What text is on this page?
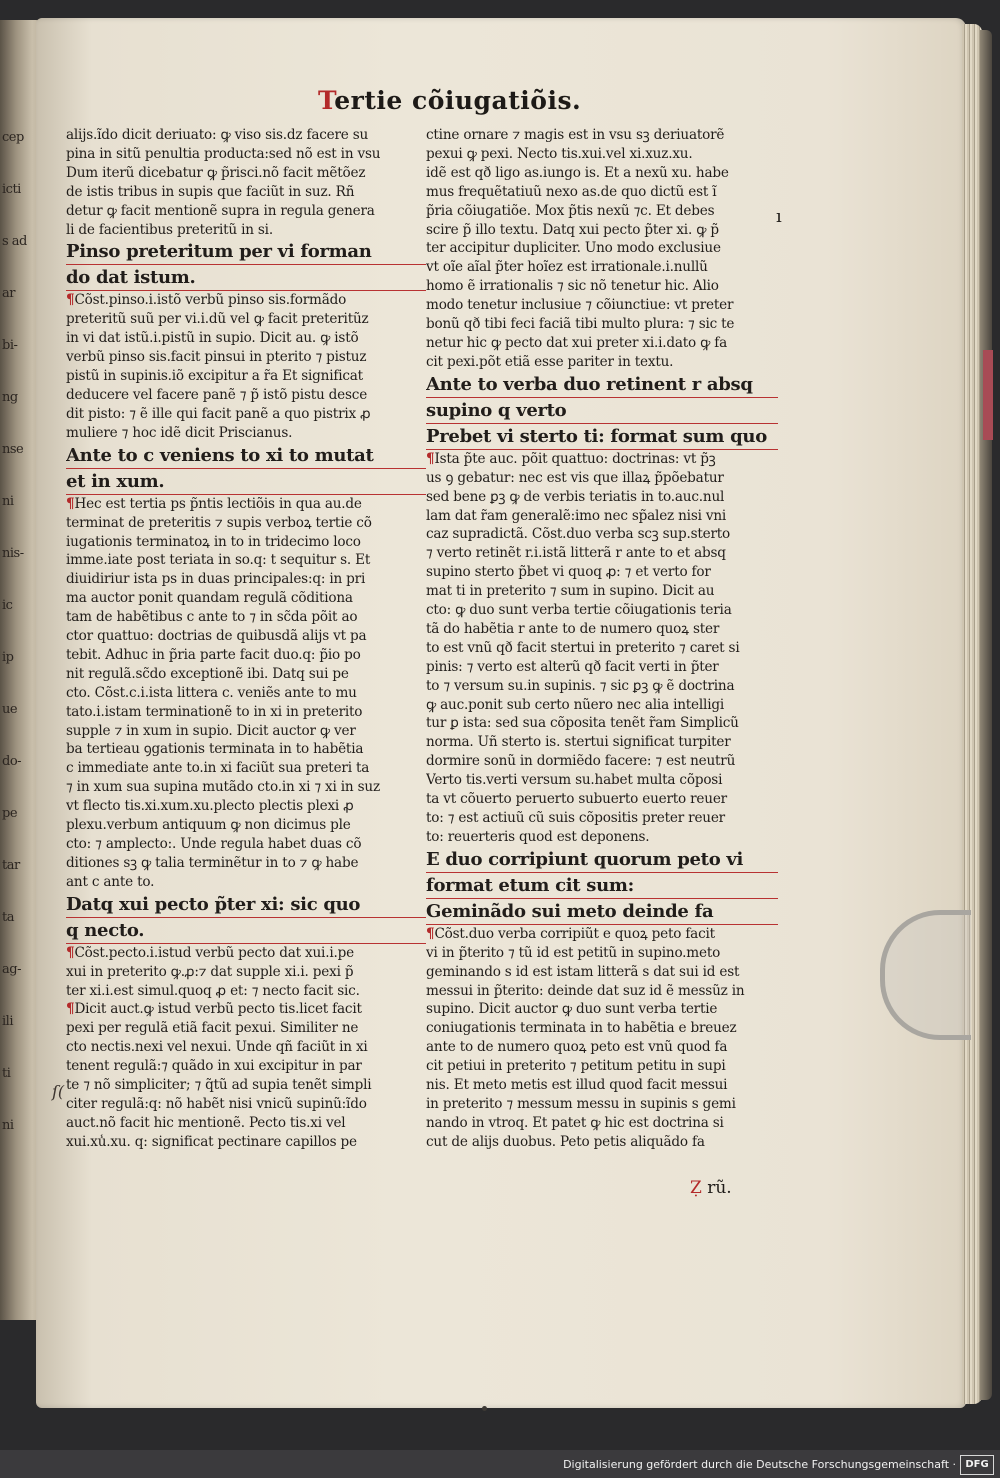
cep
icti
s ad
ar
bi-
ng
nse
ni
nis-
ic
ip
ue
do-
pe
tar
ta
ag-
ili
ti
ni
Tertie cõiugatiõis.
alijs.ĩdo dicit deriuato: ꝙ viso sis.dz facere su
pina in sitũ penultia producta:sed nõ est in vsu
Dum iterũ dicebatur ꝙ p̃risci.nõ facit mẽtõez
de istis tribus in supis que faciũt in suz. Rñ
detur ꝙ facit mentionẽ supra in regula genera
li de facientibus preteritũ in si.
Pinso preteritum per vi forman
do dat istum.
¶Cõst.pinso.i.istõ verbũ pinso sis.formãdo
preteritũ suũ per vi.i.dũ vel ꝙ facit preteritũz
in vi dat istũ.i.pistũ in supio. Dicit au. ꝙ istõ
verbũ pinso sis.facit pinsui in pterito ⁊ pistuz
pistũ in supinis.iõ excipitur a r̃a Et significat
deducere vel facere panẽ ⁊ p̃ istõ pistu desce
dit pisto: ⁊ ẽ ille qui facit panẽ a quo pistrix ꝓ
muliere ⁊ hoc idẽ dicit Priscianus.
Ante to c veniens to xi to mutat
et in xum.
¶Hec est tertia ps p̃ntis lectiõis in qua au.de
terminat de preteritis ⁊ supis verboꝝ tertie cõ
iugationis terminatoꝝ in to in tridecimo loco
imme.iate post teriata in so.q: t sequitur s. Et
diuidiriur ista ps in duas principales:q: in pri
ma auctor ponit quandam regulã cõditiona
tam de habẽtibus c ante to ⁊ in sc̃da põit ao
ctor quattuo: doctrias de quibusdã alijs vt pa
tebit. Adhuc in p̃ria parte facit duo.q: p̃io po
nit regulã.sc̃do exceptionẽ ibi. Datq sui pe
cto. Cõst.c.i.ista littera c. veniẽs ante to mu
tato.i.istam terminationẽ to in xi in preterito
supple ⁊ in xum in supio. Dicit auctor ꝙ ver
ba tertieau ꝯgationis terminata in to habẽtia
c immediate ante to.in xi faciũt sua preteri ta
⁊ in xum sua supina mutãdo cto.in xi ⁊ xi in suz
vt flecto tis.xi.xum.xu.plecto plectis plexi ꝓ
plexu.verbum antiquum ꝙ non dicimus ple
cto: ⁊ amplecto:. Unde regula habet duas cõ
ditiones sꝫ ꝙ talia terminẽtur in to ⁊ ꝙ habe
ant c ante to.
Datq xui pecto p̃ter xi: sic quo
q necto.
¶Cõst.pecto.i.istud verbũ pecto dat xui.i.pe
xui in preterito ꝙ.ꝓ:⁊ dat supple xi.i. pexi p̃
ter xi.i.est simul.quoq ꝓ et: ⁊ necto facit sic.
¶Dicit auct.ꝙ istud verbũ pecto tis.licet facit
pexi per regulã etiã facit pexui. Similiter ne
cto nectis.nexi vel nexui. Unde qñ faciũt in xi
tenent regulã:⁊ quãdo in xui excipitur in par
te ⁊ nõ simpliciter; ⁊ q̃tũ ad supia tenẽt simpli
citer regulã:q: nõ habẽt nisi vnicũ supinũ:ĩdo
auct.nõ facit hic mentionẽ. Pecto tis.xi vel
xui.xu̾.xu. q: significat pectinare capillos pe
ctine ornare ⁊ magis est in vsu sꝫ deriuatorẽ
pexui ꝙ pexi. Necto tis.xui.vel xi.xuz.xu.
idẽ est qð ligo as.iungo is. Et a nexũ xu. habe
mus frequẽtatiuũ nexo as.de quo dictũ est ĩ
p̃ria cõiugatiõe. Mox p̃tis nexũ ⁊c. Et debes
scire p̃ illo textu. Datq xui pecto p̃ter xi. ꝙ p̃
ter accipitur dupliciter. Uno modo exclusiue
vt oĩe aĩal p̃ter hoĩez est irrationale.i.nullũ
homo ẽ irrationalis ⁊ sic nõ tenetur hic. Alio
modo tenetur inclusiue ⁊ cõiunctiue: vt preter
bonũ qð tibi feci faciã tibi multo plura: ⁊ sic te
netur hic ꝙ pecto dat xui preter xi.i.dato ꝙ fa
cit pexi.põt etiã esse pariter in textu.
Ante to verba duo retinent r absq
supino q verto
Prebet vi sterto ti: format sum quo
¶Ista p̃te auc. põit quattuo: doctrinas: vt p̃ꝫ
us ꝯ gebatur: nec est vis que illaꝝ p̃põebatur
sed bene ꝑꝫ ꝙ de verbis teriatis in to.auc.nul
lam dat r̃am generalẽ:imo nec sp̃alez nisi vni
caz supradictã. Cõst.duo verba scꝫ sup.sterto
⁊ verto retinẽt r.i.istã litterã r ante to et absq
supino sterto p̃bet vi quoq ꝓ: ⁊ et verto for
mat ti in preterito ⁊ sum in supino. Dicit au
cto: ꝙ duo sunt verba tertie cõiugationis teria
tã do habẽtia r ante to de numero quoꝝ ster
to est vnũ qð facit stertui in preterito ⁊ caret si
pinis: ⁊ verto est alterũ qð facit verti in p̃ter
to ⁊ versum su.in supinis. ⁊ sic ꝑꝫ ꝙ ẽ doctrina
ꝙ auc.ponit sub certo nũero nec alia intelligi
tur ꝑ ista: sed sua cõposita tenẽt r̃am Simplicũ
norma. Uñ sterto is. stertui significat turpiter
dormire sonũ in dormiẽdo facere: ⁊ est neutrũ
Verto tis.verti versum su.habet multa cõposi
ta vt cõuerto peruerto subuerto euerto reuer
to: ⁊ est actiuũ cũ suis cõpositis preter reuer
to: reuerteris quod est deponens.
E duo corripiunt quorum peto vi
format etum cit sum:
Geminãdo sui meto deinde fa
¶Cõst.duo verba corripiũt e quoꝝ peto facit
vi in p̃terito ⁊ tũ id est petitũ in supino.meto
geminando s id est istam litterã s dat sui id est
messui in p̃terito: deinde dat suz id ẽ messũz in
supino. Dicit auctor ꝙ duo sunt verba tertie
coniugationis terminata in to habẽtia e breuez
ante to de numero quoꝝ peto est vnũ quod fa
cit petiui in preterito ⁊ petitum petitu in supi
nis. Et meto metis est illud quod facit messui
in preterito ⁊ messum messu in supinis s gemi
nando in vtroq. Et patet ꝙ hic est doctrina si
cut de alijs duobus. Peto petis aliquãdo fa
ı
ſ(
Ẓ rũ.
Digitalisierung gefördert durch die Deutsche Forschungsgemeinschaft · DFG
